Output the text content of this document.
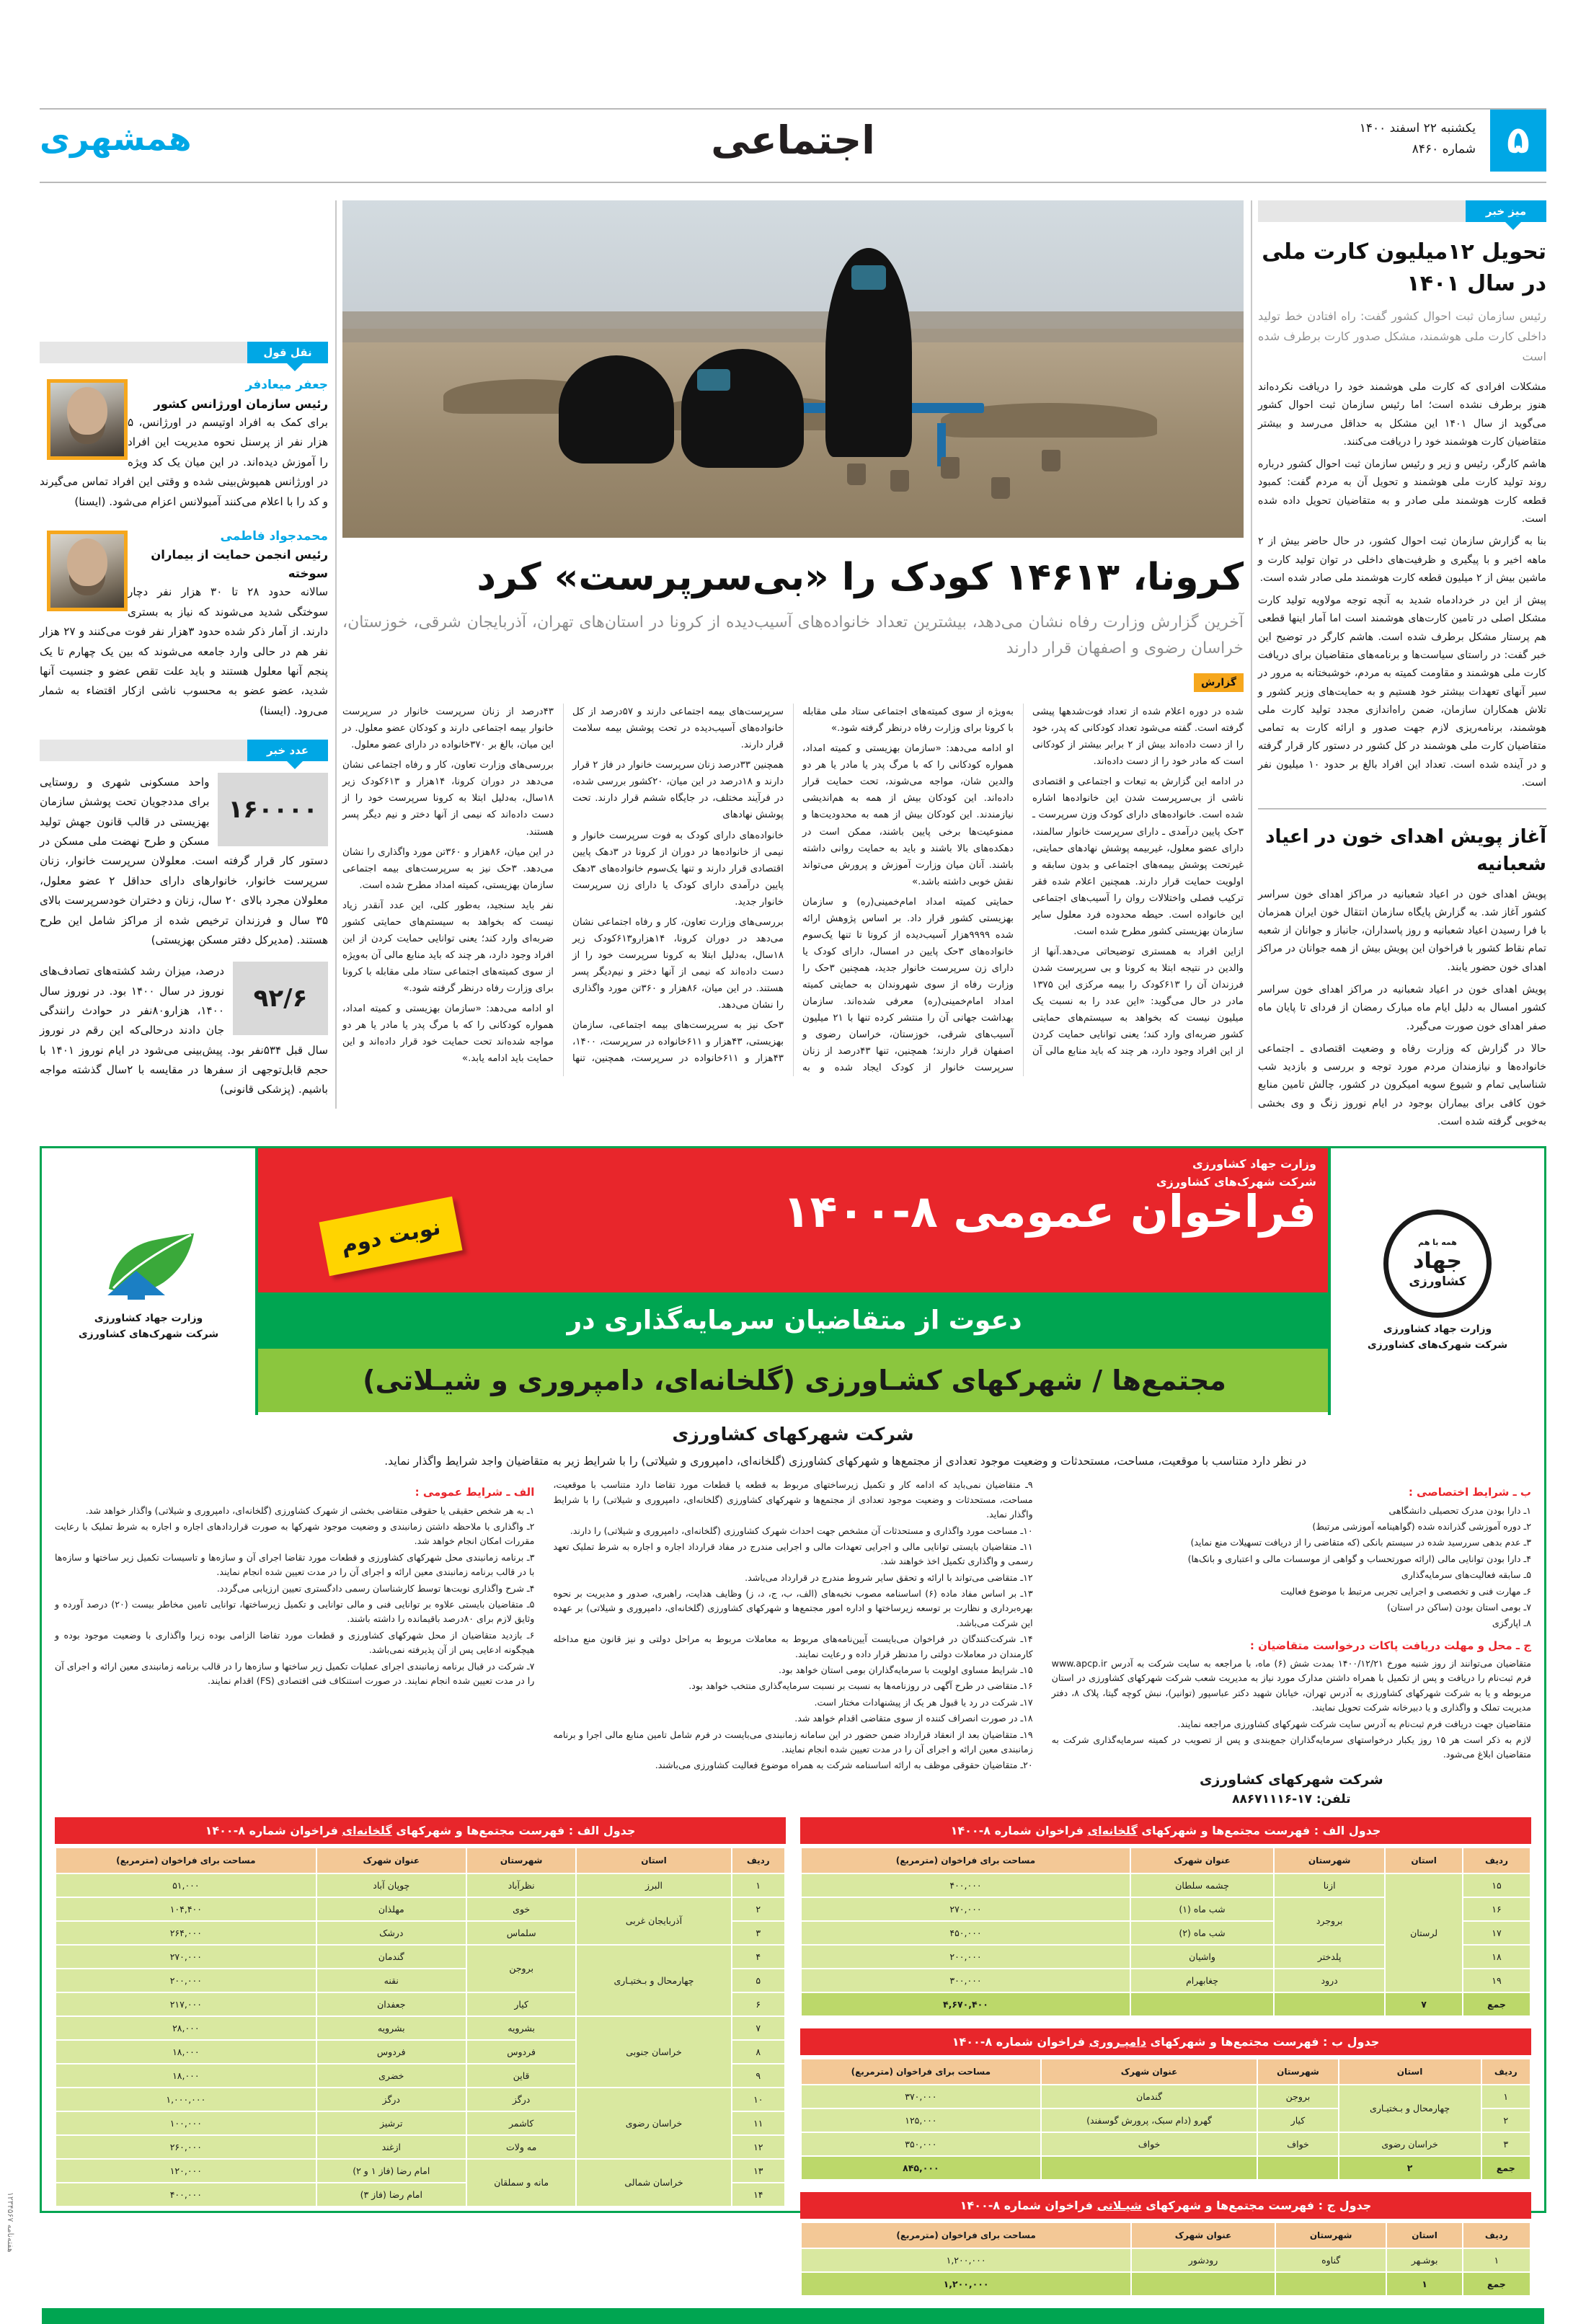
۵
یکشنبه ۲۲ اسفند ۱۴۰۰
شماره ۸۴۶۰
اجتماعی
همشهری
میز خبر
تحویل ۱۲میلیون کارت ملی در سال ۱۴۰۱
رئیس سازمان ثبت احوال کشور گفت: راه افتادن خط تولید داخلی کارت ملی هوشمند، مشکل صدور کارت برطرف شده است

مشکلات افرادی که کارت ملی هوشمند خود را دریافت نکرده‌اند هنوز برطرف نشده است؛ اما رئیس سازمان ثبت احوال کشور می‌گوید از سال ۱۴۰۱ این مشکل به حداقل می‌رسد و بیشتر متقاضیان کارت هوشمند خود را دریافت می‌کنند.

هاشم کارگر، رئیس و زیر و رئیس سازمان ثبت احوال کشور درباره روند تولید کارت ملی هوشمند و تحویل آن به مردم گفت: کمبود قطعه کارت هوشمند ملی صادر و به متقاضیان تحویل داده شده است.

بنا به گزارش سازمان ثبت احوال کشور، در حال حاضر بیش از ۲ ماهه اخیر و با پیگیری و ظرفیت‌های داخلی در توان تولید کارت و ماشین بیش از ۲ میلیون قطعه کارت هوشمند ملی صادر شده است.

پیش از این در خردادماه شدید به آنچه توجه مولاویه تولید کارت مشکل اصلی در تامین کارت‌های هوشمند است اما آمار اینها قطعی هم پرستار مشکل برطرف شده است. هاشم کارگر در توضیح این خبر گفت: در راستای سیاست‌ها و برنامه‌های متقاضیان برای دریافت کارت ملی هوشمند و مقاومت کمیته به مردم، خوشبختانه به مرور در سیر آنهای تعهدات بیشتر خود هستیم و به حمایت‌های وزیر کشور و تلاش همکاران سازمان، ضمن راه‌اندازی مجدد تولید کارت ملی هوشمند، برنامه‌ریزی لازم جهت صدور و ارائه کارت به تمامی متقاضیان کارت ملی هوشمند در کل کشور در دستور کار قرار گرفته و در آینده شده است. تعداد این افراد بالغ بر حدود ۱۰ میلیون نفر است.

آغاز پویش اهدای خون در اعیاد شعبانیه

پویش اهدای خون در اعیاد شعبانیه در مراکز اهدای خون سراسر کشور آغاز شد. به گزارش پایگاه سازمان انتقال خون ایران همزمان با فرا رسیدن اعیاد شعبانیه و روز پاسداران، جانباز و جوانان از شعبه تمام نقاط کشور با فراخوان این پویش بیش از همه جوانان در مراکز اهدای خون حضور یابند.

پویش اهدای خون در اعیاد شعبانیه در مراکز اهدای خون سراسر کشور امسال به دلیل ایام ماه مبارک رمضان از فردای تا پایان ماه صفر اهدای خون صورت می‌گیرد.

حالا در گزارش که وزارت رفاه و وضعیت اقتصادی ـ اجتماعی خانواده‌ها و نیازمندان مردم مورد توجه و بررسی و بازدید شب شناسایی تمام و شیوع سویه امیکرون در کشور، چالش تامین منابع خون کافی برای بیماران بوجود در ایام نوروز زنگ و وی بخشی به‌خوبی گرفته شده است.

کرونا، ۱۴۶۱۳ کودک را «بی‌سرپرست» کرد
آخرین گزارش وزارت رفاه نشان می‌دهد، بیشترین تعداد خانواده‌های آسیب‌دیده از کرونا در استان‌های تهران، آذربایجان شرقی، خوزستان، خراسان رضوی و اصفهان قرار دارند
گزارش

شده در دوره اعلام شده از تعداد فوت‌شدهها پیشی گرفته است. گفته می‌شود تعداد کودکانی که پدر، خود را از دست داده‌اند بیش از ۲ برابر بیشتر از کودکانی است که مادر خود را از دست داده‌اند.

در ادامه این گزارش به تبعات و اجتماعی و اقتصادی ناشی از بی‌سرپرست شدن این خانواده‌ها اشاره شده است. خانواده‌های دارای کودک وزن سرپرست ـ ۳حک پایین درآمدی ـ دارای سرپرست خانوار سالمند، دارای عضو معلول، غیربیمه پوشش نهادهای حمایتی، غیرتحت پوشش بیمه‌های اجتماعی و بدون سابقه و اولویت حمایت قرار دارند. همچنین اعلام شده فقر ترکیب فصلی واختلالات روان را آسیب‌های اجتماعی این خانواده است. حیطه محدوده فرد معلول سایر سازمان بهزیستی کشور مطرح شده است.

ازاین افراد به همستری توضیحاتی می‌دهد.آنها از والدین در نتیجه ابتلا به کرونا و بی سرپرست شدن فرزندان آن را ۶۱۳کودک را بیمه مرکزی این ۱۳۷۵ مادر در حال می‌گوید: «این عدد را به نسبت یک میلیون نیست که بخواهد به سیستم‌های حمایتی کشور ضربه‌ای وارد کند؛ یعنی توانایی حمایت کردن از این افراد وجود دارد، هر چند که باید منابع مالی آن به‌ویژه از سوی کمیته‌های اجتماعی ستاد ملی مقابله با کرونا برای وزارت رفاه درنظر گرفته شود.»

او ادامه می‌دهد: «سازمان بهزیستی و کمیته امداد، همواره کودکانی را که با مرگ پدر یا مادر یا هر دو والدین شان، مواجه می‌شوند، تحت حمایت قرار داده‌اند. این کودکان بیش از همه به هم‌اندیشی نیازمندند. این کودکان بیش از همه به محدودیت‌ها و ممنوعیت‌ها برخی پایین باشند، ممکن است در دهکده‌های بالا باشند و باید به حمایت روانی داشته باشند. آنان میان وزارت آموزش و پرورش می‌تواند نقش خوبی داشته باشد.»

حمایتی کمیته امداد امام‌خمینی(ره) و سازمان بهزیستی کشور قرار داد. بر اساس پژوهش ارائه شده ۹۹۹۹هزار آسیب‌دیده از کرونا تا تنها یک‌سوم خانواده‌های ۳حک پایین در امسال، دارای کودک یا دارای زن سرپرست خانوار جدید، همچنین ۳حک را وزارت رفاه از سوی شهروندان به حمایتی کمیته امداد امام‌خمینی(ره) معرفی شده‌اند. سازمان بهداشت جهانی آن را منتشر کرده تنها با ۲۱ میلیون آسیب‌های شرقی، خوزستان، خراسان رضوی و اصفهان قرار دارند؛ همچنین، تنها ۴۳درصد از زنان سرپرست خانوار از کودک ایجاد شده و به سرپرست‌های بیمه اجتماعی دارند و ۵۷درصد از کل خانواده‌های آسیب‌دیده در تحت پوشش بیمه سلامت قرار دارند.

همچنین ۳۳درصد زنان سرپرست خانوار در فاز ۲ قرار دارند و ۱۸درصد در این میان، ۲۰کشور بررسی شده، در فرآیند مختلف، در جایگاه ششم قرار دارند. تحت پوشش نهادهای

خانواده‌های دارای کودک به فوت سرپرست خانوار و نیمی از خانواده‌ها در دوران از کرونا در ۳دهک پایین اقتصادی قرار دارند و تنها یک‌سوم خانواده‌های ۳دهک پایین درآمدی دارای کودک یا دارای زن سرپرست خانوار جدید.

بررسی‌های وزارت تعاون، کار و رفاه اجتماعی نشان می‌دهد در دوران کرونا، ۱۴هزارو۶۱۳کودک زیر ۱۸سال، به‌دلیل ابتلا به کرونا سرپرست خود را از دست داده‌اند که نیمی از آنها دختر و نیم‌دیگر پسر هستند. در این میان، ۸۶هزار و ۳۶۰تن مورد واگذاری را نشان می‌دهد.

۳حک نیز به سرپرست‌های بیمه اجتماعی، سازمان بهزیستی، ۴۳هزار و ۶۱۱خانواده در سرپرست، ۱۴۰۰، ۴۳هزار و ۶۱۱خانواده در سرپرست، همچنین، تنها ۴۳درصد از زنان سرپرست خانوار در سرپرست خانوار بیمه اجتماعی دارند و کودکان عضو معلول. در این میان، بالغ بر ۳۷۰خانواده در دارای عضو معلول.

بررسی‌های وزارت تعاون، کار و رفاه اجتماعی نشان می‌دهد در دوران کرونا، ۱۴هزار و ۶۱۳کودک زیر ۱۸سال، به‌دلیل ابتلا به کرونا سرپرست خود را از دست داده‌اند که نیمی از آنها دختر و نیم دیگر پسر هستند.

در این میان، ۸۶هزار و ۳۶۰تن مورد واگذاری را نشان می‌دهد. ۳حک نیز به سرپرست‌های بیمه اجتماعی سازمان بهزیستی، کمیته امداد مطرح شده است.

نفر باید سنجید، به‌طور کلی، این عدد آنقدر زیاد نیست که بخواهد به سیستم‌های حمایتی کشور ضربه‌ای وارد کند؛ یعنی توانایی حمایت کردن از این افراد وجود دارد، هر چند که باید منابع مالی آن به‌ویژه از سوی کمیته‌های اجتماعی ستاد ملی مقابله با کرونا برای وزارت رفاه درنظر گرفته شود.»

او ادامه می‌دهد: «سازمان بهزیستی و کمیته امداد، همواره کودکانی را که با مرگ پدر یا مادر یا هر دو مواجه شده‌اند تحت حمایت خود قرار داده‌اند و این حمایت باید ادامه یابد.»

نقل قول
جعفر میعادفر
رئیس سازمان اورژانس کشور
برای کمک به افراد اوتیسم در اورژانس، ۵ هزار نفر از پرسنل نحوه مدیریت این افراد را آموزش دیده‌اند. در این میان یک کد ویژه در اورژانس همپوش‌بینی شده و وقتی این افراد تماس می‌گیرند و کد را با اعلام می‌کنند آمبولانس اعزام می‌شود. (ایسنا)
محمدجواد فاطمی
رئیس انجمن حمایت از بیماران سوخته
سالانه حدود ۲۸ تا ۳۰ هزار نفر دچار سوختگی شدید می‌شوند که نیاز به بستری دارند. از آمار ذکر شده حدود ۳هزار نفر فوت می‌کنند و ۲۷ هزار نفر هم در حالی وارد جامعه می‌شوند که بین یک چهارم تا یک پنجم آنها معلول هستند و باید علت تقص عضو و جنسیت آنها شدید، عضو عضو به محسوب ناشی ازکار اقتضاء به شمار می‌رود. (ایسنا)
عدد خبر
۱۶۰۰۰۰
واحد مسکونی شهری و روستایی برای مددجویان تحت پوشش سازمان بهزیستی در قالب قانون جهش تولید مسکن و طرح نهضت ملی مسکن در دستور کار قرار گرفته است. معلولان سرپرست خانوار، زنان سرپرست خانوار، خانوارهای دارای حداقل ۲ عضو معلول، معلولان مجرد بالای ۲۰ سال، زنان و دختران خودسرپرست بالای ۳۵ سال و فرزندان ترخیص شده از مراکز شامل این طرح هستند. (مدیرکل دفتر مسکن بهزیستی)
۹۲/۶
درصد، میزان رشد کشته‌های تصادف‌های نوروز در سال ۱۴۰۰ بود. در نوروز سال ۱۴۰۰، هزارو۸۰نفر در حوادث رانندگی جان دادند درحالی‌که این رقم در نوروز سال قبل ۵۳۴نفر بود. پیش‌بینی می‌شود در ایام نوروز ۱۴۰۱ با حجم قابل‌توجهی از سفرها در مقایسه با ۲سال گذشته مواجه باشیم. (پزشکی قانونی)
همه با هم
جهاد
کشاورزی
وزارت جهاد کشاورزی
شرکت شهرک‌های کشاورزی
وزارت جهاد کشاورزی
شرکت شهرک‌های کشاورزی
وزارت جهاد کشاورزی
شرکت شهرک‌های کشاورزی
فراخوان عمومی ۸-۱۴۰۰
نوبت دوم
دعوت از متقاضیان سرمایه‌گذاری در
مجتمع‌ها / شهرکهای کشـاورزی (گلخانه‌ای، دامپروری و شیـلاتی)
شرکت شهرکهای کشاورزی
در نظر دارد متناسب با موقعیت، مساحت، مستحدثات و وضعیت موجود تعدادی از مجتمع‌ها و شهرکهای کشاورزی (گلخانه‌ای، دامپروری و شیلاتی) را با شرایط زیر به متقاضیان واجد شرایط واگذار نماید.
ب ـ شرایط اختصاصی :
۱ـ دارا بودن مدرک تحصیلی دانشگاهی
۲ـ دوره آموزشی گذرانده شده (گواهینامه آموزشی مرتبط)
۳ـ عدم بدهی سررسید شده در سیستم بانکی (که متقاضی را از دریافت تسهیلات منع نماید)
۴ـ دارا بودن توانایی مالی (ارائه صورتحساب و گواهی از موسسات مالی و اعتباری و بانک‌ها)
۵ـ سابقه فعالیت‌های سرمایه‌گذاری
۶ـ مهارت فنی و تخصصی و اجرایی تجربی مرتبط با موضوع فعالیت
۷ـ بومی استان بودن (ساکن در استان)
۸ـ اپارگزی
ج ـ محل و مهلت دریافت پاکات درخواست متقاضیان :
متقاضیان می‌توانند از روز شنبه مورخ ۱۴۰۰/۱۲/۲۱ بمدت شش (۶) ماه، با مراجعه به سایت شرکت به آدرس www.apcp.ir فرم ثبت‌نام را دریافت و پس از تکمیل با همراه داشتن مدارک مورد نیاز به مدیریت شعب شرکت شهرکهای کشاورزی در استان مربوطه و یا به شرکت شهرکهای کشاورزی به آدرس تهران، خیابان شهید دکتر عباسپور (توانیر)، نبش کوچه گیتا، پلاک ۸، دفتر مدیریت تملک و واگذاری و یا دبیرخانه شرکت تحویل نمایند.
متقاضیان جهت دریافت فرم ثبت‌نام به آدرس سایت شرکت شهرکهای کشاورزی مراجعه نمایند.
لازم به ذکر است هر ۱۵ روز یکبار درخواستهای سرمایه‌گذاران جمع‌بندی و پس از تصویب در کمیته سرمایه‌گذاری شرکت به متقاضیان ابلاغ می‌شود.
شرکت شهرکهای کشاورزی
تلفن: ۱۷-۸۸۶۷۱۱۱۶
۹ـ متقاضیان نمی‌باید که ادامه کار و تکمیل زیرساختهای مربوط به قطعه یا قطعات مورد تقاضا دارد متناسب با موقعیت، مساحت، مستحدثات و وضعیت موجود تعدادی از مجتمع‌ها و شهرکهای کشاورزی (گلخانه‌ای، دامپروری و شیلاتی) را با شرایط واگذار نماید.
۱۰ـ مساحت مورد واگذاری و مستحدثات آن مشخص جهت احداث شهرک کشاورزی (گلخانه‌ای، دامپروری و شیلاتی) را دارند.
۱۱ـ متقاضیان بایستی توانایی مالی و اجرایی تعهدات مالی و اجرایی مندرج در مفاد قرارداد اجاره و اجاره به شرط تملیک تعهد رسمی و واگذاری تکمیل اخذ خواهند شد.
۱۲ـ متقاضی می‌تواند با ارائه و تحقق سایر شروط مندرج در قرارداد می‌باشد.
۱۳ـ بر اساس مفاد ماده (۶) اساسنامه مصوب نخبه‌های (الف، ب، ج، د، ز) وظایف هدایت، راهبری، صدور و مدیریت بر نحوه بهره‌برداری و نظارت بر توسعه زیرساختها و اداره امور مجتمع‌ها و شهرکهای کشاورزی (گلخانه‌ای، دامپروری و شیلاتی) بر عهده این شرکت می‌باشد.
۱۴ـ شرکت‌کنندگان در فراخوان می‌بایست آیین‌نامه‌های مربوط به معاملات مربوط به مراحل دولتی و نیز قانون منع مداخله کارمندان در معاملات دولتی را مدنظر قرار داده و رعایت نمایند.
۱۵ـ شرایط مساوی اولویت با سرمایه‌گذاران بومی استان خواهد بود.
۱۶ـ متقاضی در طرح آگهی در روزنامه‌ها به نسبت بر نسبت سرمایه‌گذاری منتخب خواهد بود.
۱۷ـ شرکت در رد یا قبول هر یک از پیشنهادات مختار است.
۱۸ـ در صورت انصراف کننده از سوی متقاضی اقدام خواهد شد.
۱۹ـ متقاضیان بعد از انعقاد قرارداد ضمن حضور در این سامانه زمانبندی می‌بایست در فرم شامل تامین منابع مالی اجرا و برنامه زمانبندی معین ارائه و اجرای آن را در مدت تعیین شده انجام نمایند.
۲۰ـ متقاضیان حقوقی موظف به ارائه اساسنامه شرکت به همراه موضوع فعالیت کشاورزی می‌باشند.
الف ـ شرایط عمومی :
۱ـ به هر شخص حقیقی یا حقوقی متقاضی بخشی از شهرک کشاورزی (گلخانه‌ای، دامپروری و شیلاتی) واگذار خواهد شد.
۲ـ واگذاری با ملاحظه داشتن زمانبندی و وضعیت موجود شهرکها به صورت قراردادهای اجاره و اجاره به شرط تملیک با رعایت مقررات امکان انجام خواهد شد.
۳ـ برنامه زمانبندی محل شهرکهای کشاورزی و قطعات مورد تقاضا اجرای آن و سازه‌ها و تاسیسات تکمیل زیر ساختها و سازه‌ها با در قالب برنامه زمانبندی معین ارائه و اجرای آن را در مدت تعیین شده انجام نمایند.
۴ـ شرح واگذاری نوبت‌ها توسط کارشناسان رسمی دادگستری تعیین ارزیابی می‌گردد.
۵ـ متقاضیان بایستی علاوه بر توانایی فنی و مالی توانایی و تکمیل زیرساختها، توانایی تامین مخاطر بیست (۲۰) درصد آورده و وثایق لازم برای ۸۰درصد باقیمانده را داشته باشند.
۶ـ بازدید متقاضیان از محل شهرکهای کشاورزی و قطعات مورد تقاضا الزامی بوده زیرا واگذاری با وضعیت موجود بوده و هیچگونه ادعایی پس از آن پذیرفته نمی‌باشد.
۷ـ شرکت در قبال برنامه زمانبندی اجرای عملیات تکمیل زیر ساختها و سازه‌ها را در قالب برنامه زمانبندی معین ارائه و اجرای آن را در مدت تعیین شده انجام نمایند. در صورت استنکاف فنی اقتصادی (FS) اقدام نمایند.
جدول الف : فهرست مجتمع‌ها و شهرکهای گلخانه‌ای فراخوان شماره ۸-۱۴۰۰
ردیف	استان	شهرستان	عنوان شهرک	مساحت برای فراخوان (مترمربع)
۱۵	لرستان	ازنا	چشمه سلطان	۴۰۰,۰۰۰
۱۶		بروجرد	شب ماه (۱)	۲۷۰,۰۰۰
۱۷			شب ماه (۲)	۴۵۰,۰۰۰
۱۸		پلدختر	واشیان	۲۰۰,۰۰۰
۱۹		درود	چغابهرام	۳۰۰,۰۰۰
جمع	۷			۴,۶۷۰,۴۰۰
جدول ب : فهرست مجتمع‌ها و شهرکهای دامپـروری فراخوان شماره ۸-۱۴۰۰
ردیف	استان	شهرستان	عنوان شهرک	مساحت برای فراخوان (مترمربع)
۱	چهارمحال و بـختیـاری	بروجن	گندمان	۳۷۰,۰۰۰
۲		کیار	گهرو (دام سبک، پرورش گوسفند)	۱۲۵,۰۰۰
۳	خراسان رضوی	خواف	خواف	۳۵۰,۰۰۰
جمع	۲			۸۴۵,۰۰۰
جدول ج : فهرست مجتمع‌ها و شهرکهای شیـلاتی فراخوان شماره ۸-۱۴۰۰
ردیف	استان	شهرستان	عنوان شهرک	مساحت برای فراخوان (مترمربع)
۱	بوشـهر	گناوه	رودشور	۱,۲۰۰,۰۰۰
جمع	۱			۱,۲۰۰,۰۰۰
جدول الف : فهرست مجتمع‌ها و شهرکهای گلخانه‌ای فراخوان شماره ۸-۱۴۰۰
ردیف	استان	شهرستان	عنوان شهرک	مساحت برای فراخوان (مترمربع)
۱	البرز	نظرآباد	چوپان آباد	۵۱,۰۰۰
۲	آذربایجان غربی	خوی	مهلذان	۱۰۴,۴۰۰
۳		سلماس	درشک	۲۶۴,۰۰۰
۴	چهارمحال و بـختیـاری	بروجن	گندمان	۲۷۰,۰۰۰
۵			نقنه	۲۰۰,۰۰۰
۶		کیار	جعفدان	۲۱۷,۰۰۰
۷	خراسان جنوبی	بشرویه	بشرویه	۲۸,۰۰۰
۸		فردوس	فردوس	۱۸,۰۰۰
۹		قاین	خضری	۱۸,۰۰۰
۱۰	خراسان رضوی	درگز	درگز	۱,۰۰۰,۰۰۰
۱۱		کاشمر	ترشیز	۱۰۰,۰۰۰
۱۲		مه ولات	ازغند	۲۶۰,۰۰۰
۱۳	خراسان شمالی	مانه و سملقان	امام رضا (فاز ۱ و ۲)	۱۲۰,۰۰۰
۱۴			امام رضا (فاز ۳)	۴۰۰,۰۰۰
هفته‌نامه ۱۲۳۴۵۶۷
